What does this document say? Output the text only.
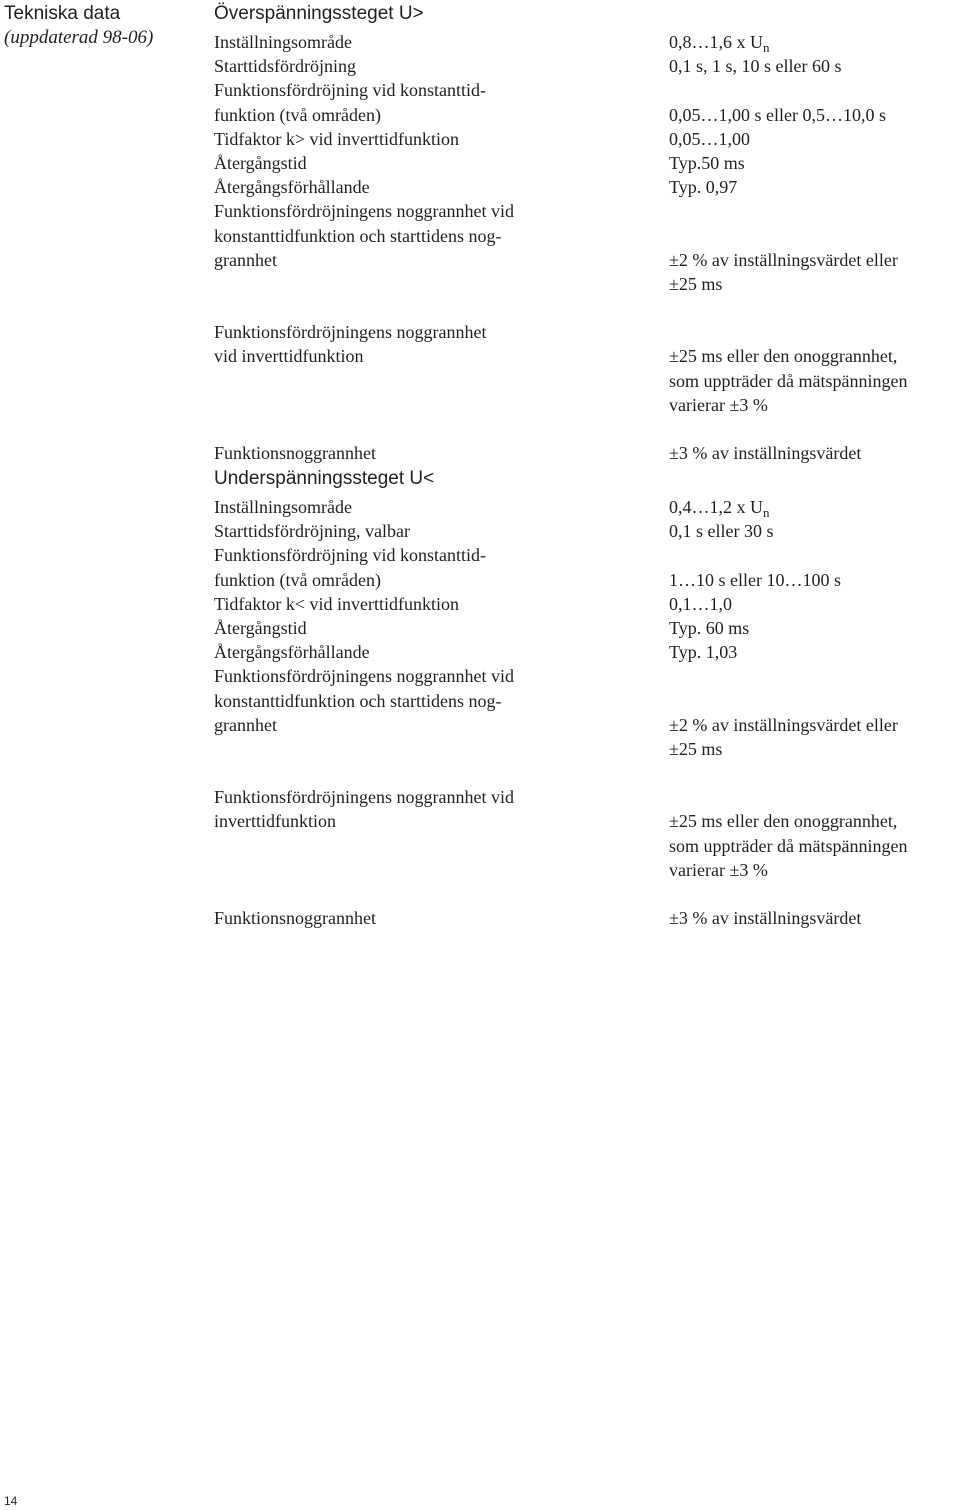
Tekniska data
(uppdaterad 98-06)
Överspänningssteget U>
Inställningsområde	0,8…1,6 x $U_n$
Starttidsfördröjning	0,1 s, 1 s, 10 s eller 60 s
Funktionsfördröjning vid konstanttid-
funktion (två områden)
	0,05…1,00 s eller 0,5…10,0 s
Tidfaktor k> vid inverttidfunktion	0,05…1,00
Återgångstid	Typ.50 ms
Återgångsförhållande	Typ. 0,97
Funktionsfördröjningens noggrannhet vid
konstanttidfunktion och starttidens nog-
grannhet

	±2 % av inställningsvärdet eller
±25 ms
Funktionsfördröjningens noggrannhet
vid inverttidfunktion
	±25 ms eller den onoggrannhet,
som uppträder då mätspänningen
varierar ±3 %
Funktionsnoggrannhet	±3 % av inställningsvärdet
Underspänningssteget U<
Inställningsområde	0,4…1,2 x $U_n$
Starttidsfördröjning, valbar	0,1 s eller 30 s
Funktionsfördröjning vid konstanttid-
funktion (två områden)
	1…10 s eller 10…100 s
Tidfaktor k< vid inverttidfunktion	0,1…1,0
Återgångstid	Typ. 60 ms
Återgångsförhållande	Typ. 1,03
Funktionsfördröjningens noggrannhet vid
konstanttidfunktion och starttidens nog-
grannhet

	±2 % av inställningsvärdet eller
±25 ms
Funktionsfördröjningens noggrannhet vid
inverttidfunktion
	±25 ms eller den onoggrannhet,
som uppträder då mätspänningen
varierar ±3 %
Funktionsnoggrannhet	±3 % av inställningsvärdet
14
